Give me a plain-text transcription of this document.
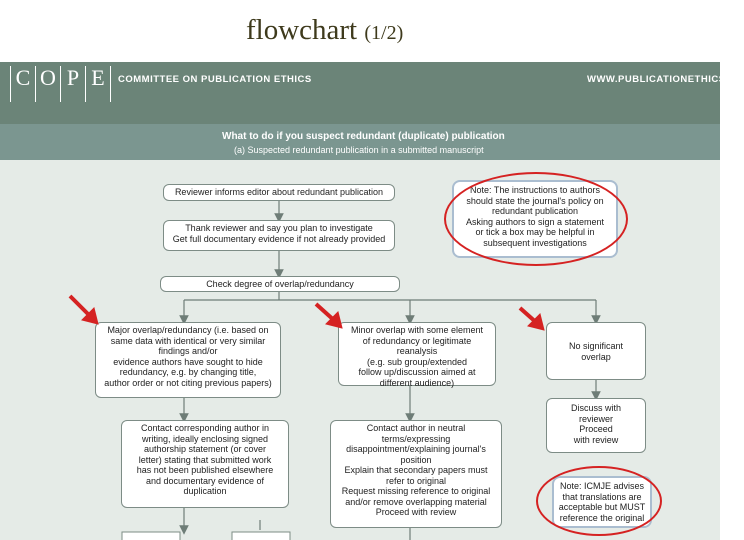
flowchart (1/2)
C O P E	COMMITTEE ON PUBLICATION ETHICS	WWW.PUBLICATIONETHICS.OR
What to do if you suspect redundant (duplicate) publication
(a) Suspected redundant publication in a submitted manuscript
Reviewer informs editor about redundant publication
Thank reviewer and say you plan to investigate
Get full documentary evidence if not already provided
Check degree of overlap/redundancy
Major overlap/redundancy (i.e. based on
same data with identical or very similar
findings and/or
evidence authors have sought to hide
redundancy, e.g. by changing title,
author order or not citing previous papers)
Minor overlap with some element
of redundancy or legitimate reanalysis
(e.g. sub group/extended
follow up/discussion aimed at
different audience)
No significant
overlap
Discuss with
reviewer
Proceed
with review
Contact corresponding author in
writing, ideally enclosing signed
authorship statement (or cover
letter) stating that submitted work
has not been published elsewhere
and documentary evidence of
duplication
Contact author in neutral
terms/expressing
disappointment/explaining journal's
position
Explain that secondary papers must
refer to original
Request missing reference to original
and/or remove overlapping material
Proceed with review
Note: The instructions to authors
should state the journal's policy on
redundant publication
Asking authors to sign a statement
or tick a box may be helpful in
subsequent investigations
Note: ICMJE advises
that translations are
acceptable but MUST
reference the original
